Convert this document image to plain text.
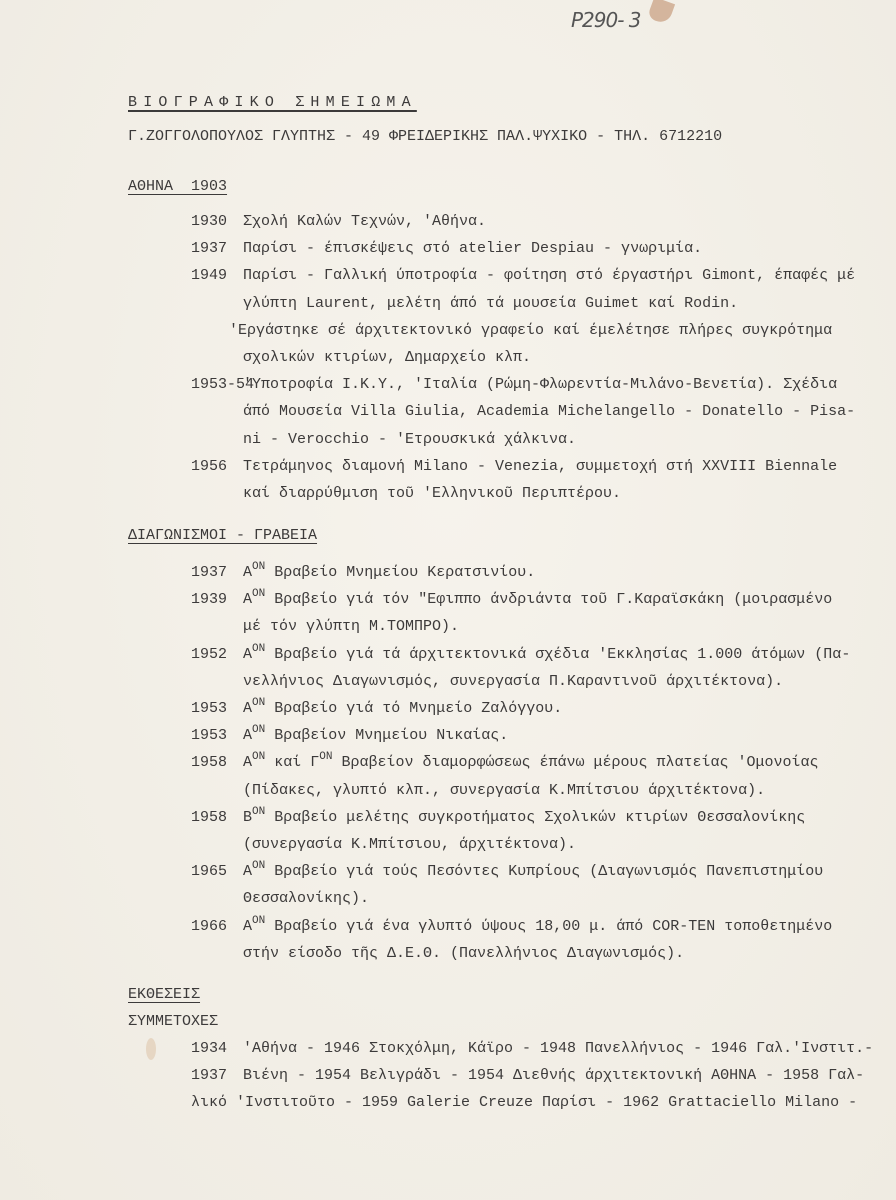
P290- 3
ΒΙΟΓΡΑΦΙΚΟ ΣΗΜΕΙΩΜΑ
Γ.ΖΟΓΓΟΛΟΠΟΥΛΟΣ ΓΛΥΠΤΗΣ - 49 ΦΡΕΙΔΕΡΙΚΗΣ ΠΑΛ.ΨΥΧΙΚΟ - ΤΗΛ. 6712210
ΑΘΗΝΑ  1903
1930 Σχολή Καλών Τεχνών, 'Αθήνα.
1937 Παρίσι - έπισκέψεις στό atelier Despiau - γνωριμία.
1949 Παρίσι - Γαλλική ύποτροφία - φοίτηση στό έργαστήρι Gimont, έπαφές μέ
γλύπτη Laurent, μελέτη άπό τά μουσεία Guimet καί Rodin.
'Εργάστηκε σέ άρχιτεκτονικό γραφείο καί έμελέτησε πλήρες συγκρότημα
σχολικών κτιρίων, Δημαρχείο κλπ.
1953-54
'Υποτροφία Ι.Κ.Υ., 'Ιταλία (Ρώμη-Φλωρεντία-Μιλάνο-Βενετία). Σχέδια
άπό Μουσεία Villa Giulia, Academia Michelangello - Donatello - Pisa-
ni - Verocchio - 'Ετρουσκικά χάλκινα.
1956 Τετράμηνος διαμονή Milano - Venezia, συμμετοχή στή XXVIII Biennale
καί διαρρύθμιση τοῦ 'Ελληνικοῦ Περιπτέρου.
ΔΙΑΓΩΝΙΣΜΟΙ - ΓΡΑΒΕΙΑ
1937 $A^{ON}$ Βραβείο Μνημείου Κερατσινίου.
1939 $A^{ON}$ Βραβείο γιά τόν "Εφιππο άνδριάντα τοῦ Γ.Καραϊσκάκη (μοιρασμένο
μέ τόν γλύπτη Μ.ΤΟΜΠΡΟ).
1952 $A^{ON}$ Βραβείο γιά τά άρχιτεκτονικά σχέδια 'Εκκλησίας 1.000 άτόμων (Πα-
νελλήνιος Διαγωνισμός, συνεργασία Π.Καραντινοῦ άρχιτέκτονα).
1953 $A^{ON}$ Βραβείο γιά τό Μνημείο Ζαλόγγου.
1953 $A^{ON}$ Βραβείον Μνημείου Νικαίας.
1958 $A^{ON}$ καί $\Gamma^{ON}$ Βραβείον διαμορφώσεως έπάνω μέρους πλατείας 'Ομονοίας
(Πίδακες, γλυπτό κλπ., συνεργασία Κ.Μπίτσιου άρχιτέκτονα).
1958 $B^{ON}$ Βραβείο μελέτης συγκροτήματος Σχολικών κτιρίων Θεσσαλονίκης
(συνεργασία Κ.Μπίτσιου, άρχιτέκτονα).
1965 $A^{ON}$ Βραβείο γιά τούς Πεσόντες Κυπρίους (Διαγωνισμός Πανεπιστημίου
Θεσσαλονίκης).
1966 $A^{ON}$ Βραβείο γιά ένα γλυπτό ύψους 18,00 μ. άπό COR-TEN τοποθετημένο
στήν είσοδο τῆς Δ.Ε.Θ. (Πανελλήνιος Διαγωνισμός).
ΕΚΘΕΣΕΙΣ
ΣΥΜΜΕΤΟΧΕΣ
1934 'Αθήνα - 1946 Στοκχόλμη, Κάϊρο - 1948 Πανελλήνιος - 1946 Γαλ.'Ινστιτ.-
1937 Βιένη - 1954 Βελιγράδι - 1954 Διεθνής άρχιτεκτονική ΑΘΗΝΑ - 1958 Γαλ-
λικό 'Ινστιτοῦτο - 1959 Galerie Creuze Παρίσι - 1962 Grattaciello Milano -
